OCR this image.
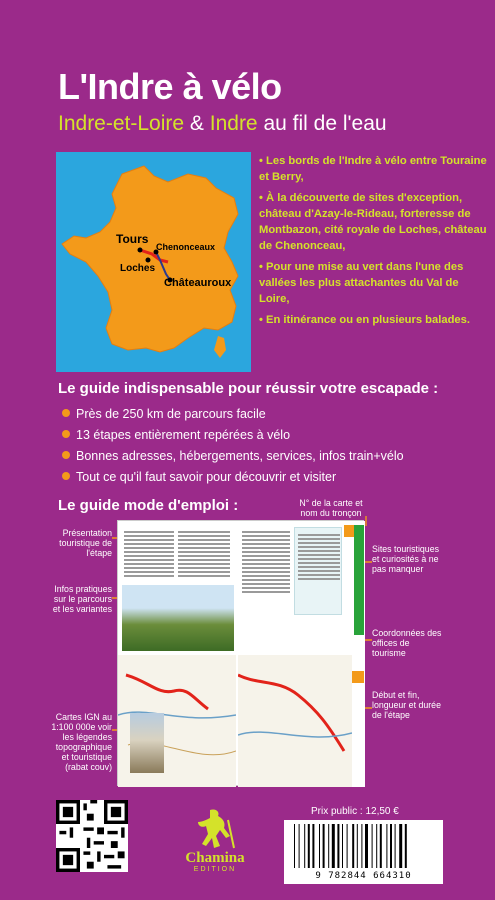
L'Indre à vélo
Indre-et-Loire & Indre au fil de l'eau
Tours
Chenonceaux
Loches
Châteauroux
• Les bords de l'Indre à vélo entre Touraine et Berry,
• À la découverte de sites d'exception, château d'Azay-le-Rideau, forteresse de Montbazon, cité royale de Loches, château de Chenonceau,
• Pour une mise au vert dans l'une des vallées les plus attachantes du Val de Loire,
• En itinérance ou en plusieurs balades.
Le guide indispensable pour réussir votre escapade :
Près de 250 km de parcours facile
13 étapes entièrement repérées à vélo
Bonnes adresses, hébergements, services, infos train+vélo
Tout ce qu'il faut savoir pour découvrir et visiter
Le guide mode d'emploi :
Présentation touristique de l'étape
Infos pratiques sur le parcours et les variantes
Cartes IGN au 1:100 000e voir les légendes topographique et touristique (rabat couv)
N° de la carte et nom du tronçon
Sites touristiques et curiosités à ne pas manquer
Coordonnées des offices de tourisme
Début et fin, longueur et durée de l'étape
Chamina
EDITION
Prix public : 12,50 €
9 782844 664310
